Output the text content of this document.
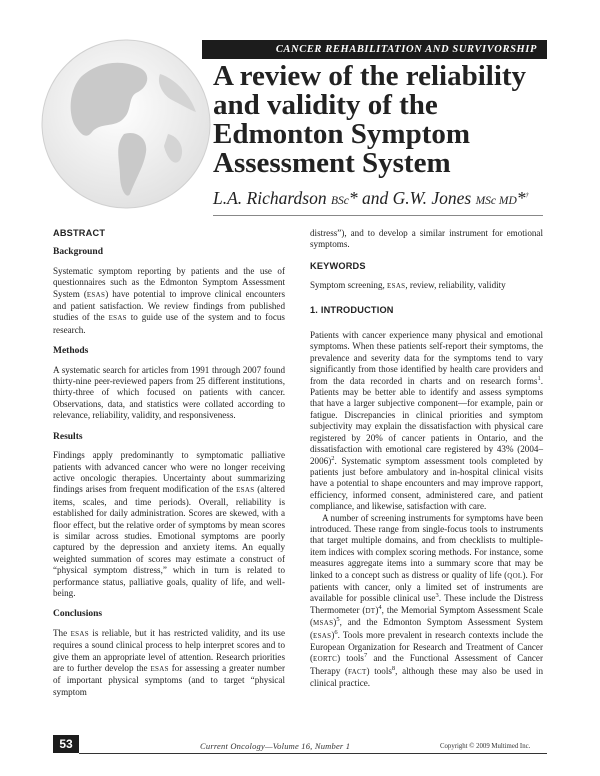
CANCER REHABILITATION AND SURVIVORSHIP
A review of the reliability
and validity of the
Edmonton Symptom
Assessment System
L.A. Richardson BSc* and G.W. Jones MSc MD*†
ABSTRACT
Background

Systematic symptom reporting by patients and the use of questionnaires such as the Edmonton Symptom Assessment System (ESAS) have potential to improve clinical encounters and patient satisfaction. We review findings from published studies of the ESAS to guide use of the system and to focus research.

Methods

A systematic search for articles from 1991 through 2007 found thirty-nine peer-reviewed papers from 25 different institutions, thirty-three of which focused on patients with cancer. Observations, data, and statistics were collated according to relevance, reliability, validity, and responsiveness.

Results

Findings apply predominantly to symptomatic palliative patients with advanced cancer who were no longer receiving active oncologic therapies. Uncertainty about summarizing findings arises from frequent modification of the ESAS (altered items, scales, and time periods). Overall, reliability is established for daily administration. Scores are skewed, with a floor effect, but the relative order of symptoms by mean scores is similar across studies. Emotional symptoms are poorly captured by the depression and anxiety items. An equally weighted summation of scores may estimate a construct of “physical symptom distress,” which in turn is related to performance status, palliative goals, quality of life, and well-being.

Conclusions

The ESAS is reliable, but it has restricted validity, and its use requires a sound clinical process to help interpret scores and to give them an appropriate level of attention. Research priorities are to further develop the ESAS for assessing a greater number of important physical symptoms (and to target “physical symptom

distress”), and to develop a similar instrument for emotional symptoms.

KEYWORDS

Symptom screening, ESAS, review, reliability, validity

1. INTRODUCTION

Patients with cancer experience many physical and emotional symptoms. When these patients self-report their symptoms, the prevalence and severity data for the symptoms tend to vary significantly from those identified by health care providers and from the data recorded in charts and on research forms$^1$. Patients may be better able to identify and assess symptoms that have a larger subjective component—for example, pain or fatigue. Discrepancies in clinical priorities and symptom subjectivity may explain the dissatisfaction with physical care registered by 20% of cancer patients in Ontario, and the dissatisfaction with emotional care registered by 43% (2004–2006)$^2$. Systematic symptom assessment tools completed by patients just before ambulatory and in-hospital clinical visits have a potential to shape encounters and may improve rapport, efficiency, informed consent, administered care, and patient compliance, and likewise, satisfaction with care.

A number of screening instruments for symptoms have been introduced. These range from single-focus tools to instruments that target multiple domains, and from checklists to multiple-item indices with complex scoring methods. For instance, some measures aggregate items into a summary score that may be linked to a concept such as distress or quality of life (QOL). For patients with cancer, only a limited set of instruments are available for possible clinical use$^3$. These include the Distress Thermometer (DT)$^4$, the Memorial Symptom Assessment Scale (MSAS)$^5$, and the Edmonton Symptom Assessment System (ESAS)$^6$. Tools more prevalent in research contexts include the European Organization for Research and Treatment of Cancer (EORTC) tools$^7$ and the Functional Assessment of Cancer Therapy (FACT) tools$^8$, although these may also be used in clinical practice.

53	Current Oncology—Volume 16, Number 1	Copyright © 2009 Multimed Inc.
